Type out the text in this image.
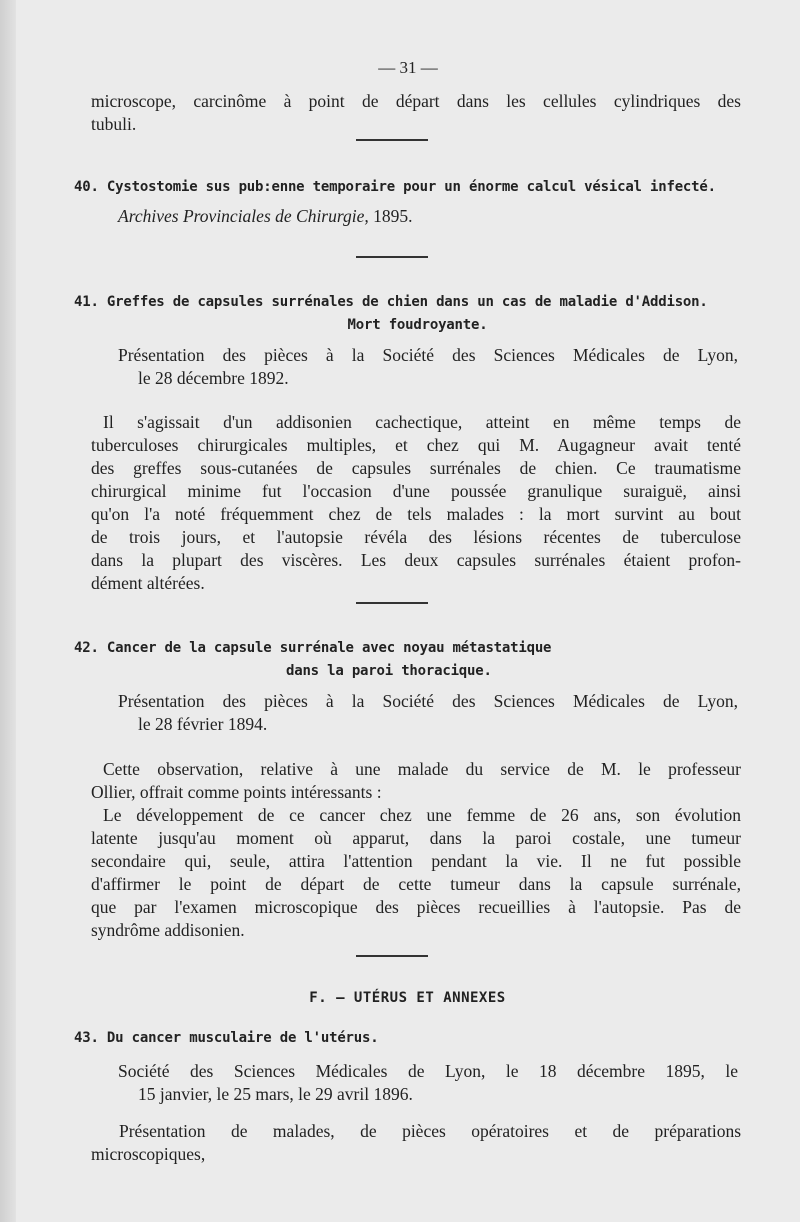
— 31 —
microscope, carcinôme à point de départ dans les cellules cylindriques des
tubuli.
40. Cystostomie sus pub:enne temporaire pour un énorme calcul vésical infecté.
Archives Provinciales de Chirurgie, 1895.
41. Greffes de capsules surrénales de chien dans un cas de maladie d'Addison.
Mort foudroyante.
Présentation des pièces à la Société des Sciences Médicales de Lyon,
le 28 décembre 1892.
Il s'agissait d'un addisonien cachectique, atteint en même temps de
tuberculoses chirurgicales multiples, et chez qui M. Augagneur avait tenté
des greffes sous-cutanées de capsules surrénales de chien. Ce traumatisme
chirurgical minime fut l'occasion d'une poussée granulique suraiguë, ainsi
qu'on l'a noté fréquemment chez de tels malades : la mort survint au bout
de trois jours, et l'autopsie révéla des lésions récentes de tuberculose
dans la plupart des viscères. Les deux capsules surrénales étaient profon-
dément altérées.
42. Cancer de la capsule surrénale avec noyau métastatique
dans la paroi thoracique.
Présentation des pièces à la Société des Sciences Médicales de Lyon,
le 28 février 1894.
Cette observation, relative à une malade du service de M. le professeur
Ollier, offrait comme points intéressants :
Le développement de ce cancer chez une femme de 26 ans, son évolution
latente jusqu'au moment où apparut, dans la paroi costale, une tumeur
secondaire qui, seule, attira l'attention pendant la vie. Il ne fut possible
d'affirmer le point de départ de cette tumeur dans la capsule surrénale,
que par l'examen microscopique des pièces recueillies à l'autopsie. Pas de
syndrôme addisonien.
F. — UTÉRUS ET ANNEXES
43. Du cancer musculaire de l'utérus.
Société des Sciences Médicales de Lyon, le 18 décembre 1895, le
15 janvier, le 25 mars, le 29 avril 1896.
Présentation de malades, de pièces opératoires et de préparations
microscopiques,
